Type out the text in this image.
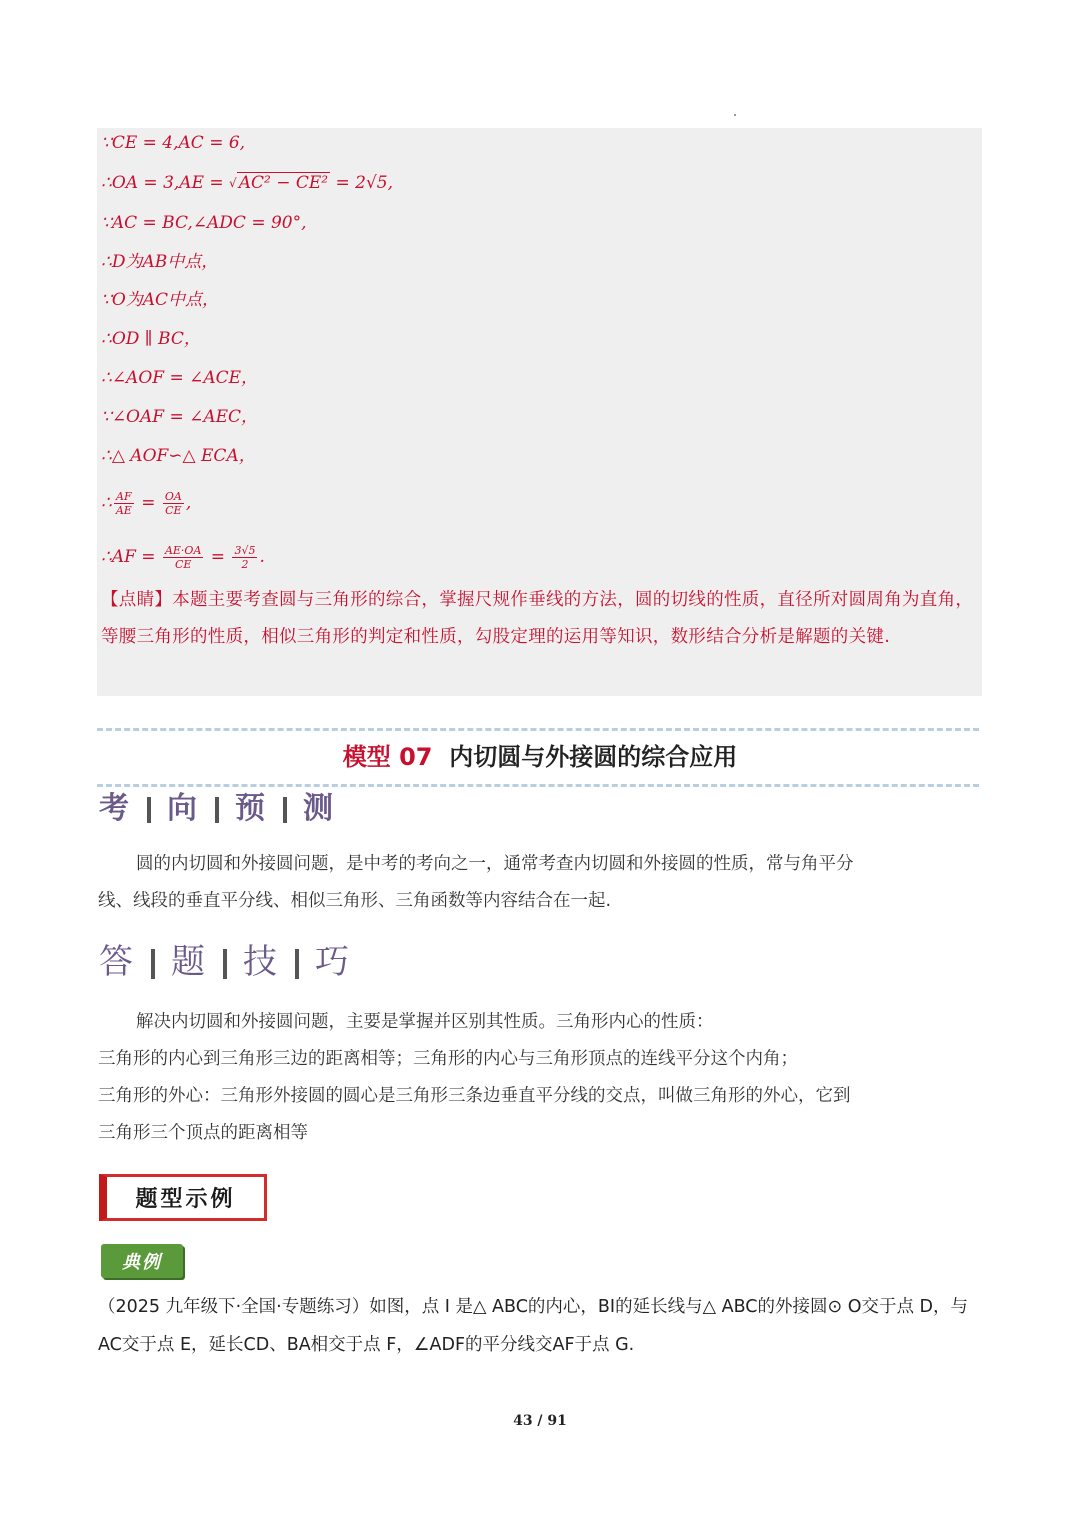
∵CE = 4,AC = 6,
∴OA = 3,AE = √ AC² − CE² = 2√5,
∵AC = BC,∠ADC = 90°,
∴D为AB中点，
∵O为AC中点，
∴OD ∥ BC，
∴∠AOF = ∠ACE，
∵∠OAF = ∠AEC，
∴△ AOF∽△ ECA，
∴ $\frac{AF}{AE} = \frac{OA}{CE}$ ,
∴AF = $\frac{AE\cdot OA}{CE} = \frac{3√5}{2}$ .
【点睛】本题主要考查圆与三角形的综合，掌握尺规作垂线的方法，圆的切线的性质，直径所对圆周角为直角，等腰三角形的性质，相似三角形的判定和性质，勾股定理的运用等知识，数形结合分析是解题的关键.
模型 07 内切圆与外接圆的综合应用
考 向 预 测
圆的内切圆和外接圆问题，是中考的考向之一，通常考查内切圆和外接圆的性质，常与角平分线、线段的垂直平分线、相似三角形、三角函数等内容结合在一起.
答 题 技 巧
解决内切圆和外接圆问题，主要是掌握并区别其性质。三角形内心的性质：
三角形的内心到三角形三边的距离相等；三角形的内心与三角形顶点的连线平分这个内角；
三角形的外心：三角形外接圆的圆心是三角形三条边垂直平分线的交点，叫做三角形的外心，它到三角形三个顶点的距离相等
题型示例
典例
（2025 九年级下·全国·专题练习）如图，点 I 是△ ABC的内心，BI的延长线与△ ABC的外接圆⊙ O交于点 D，与AC交于点 E，延长CD、BA相交于点 F，∠ADF的平分线交AF于点 G.
43 / 91
